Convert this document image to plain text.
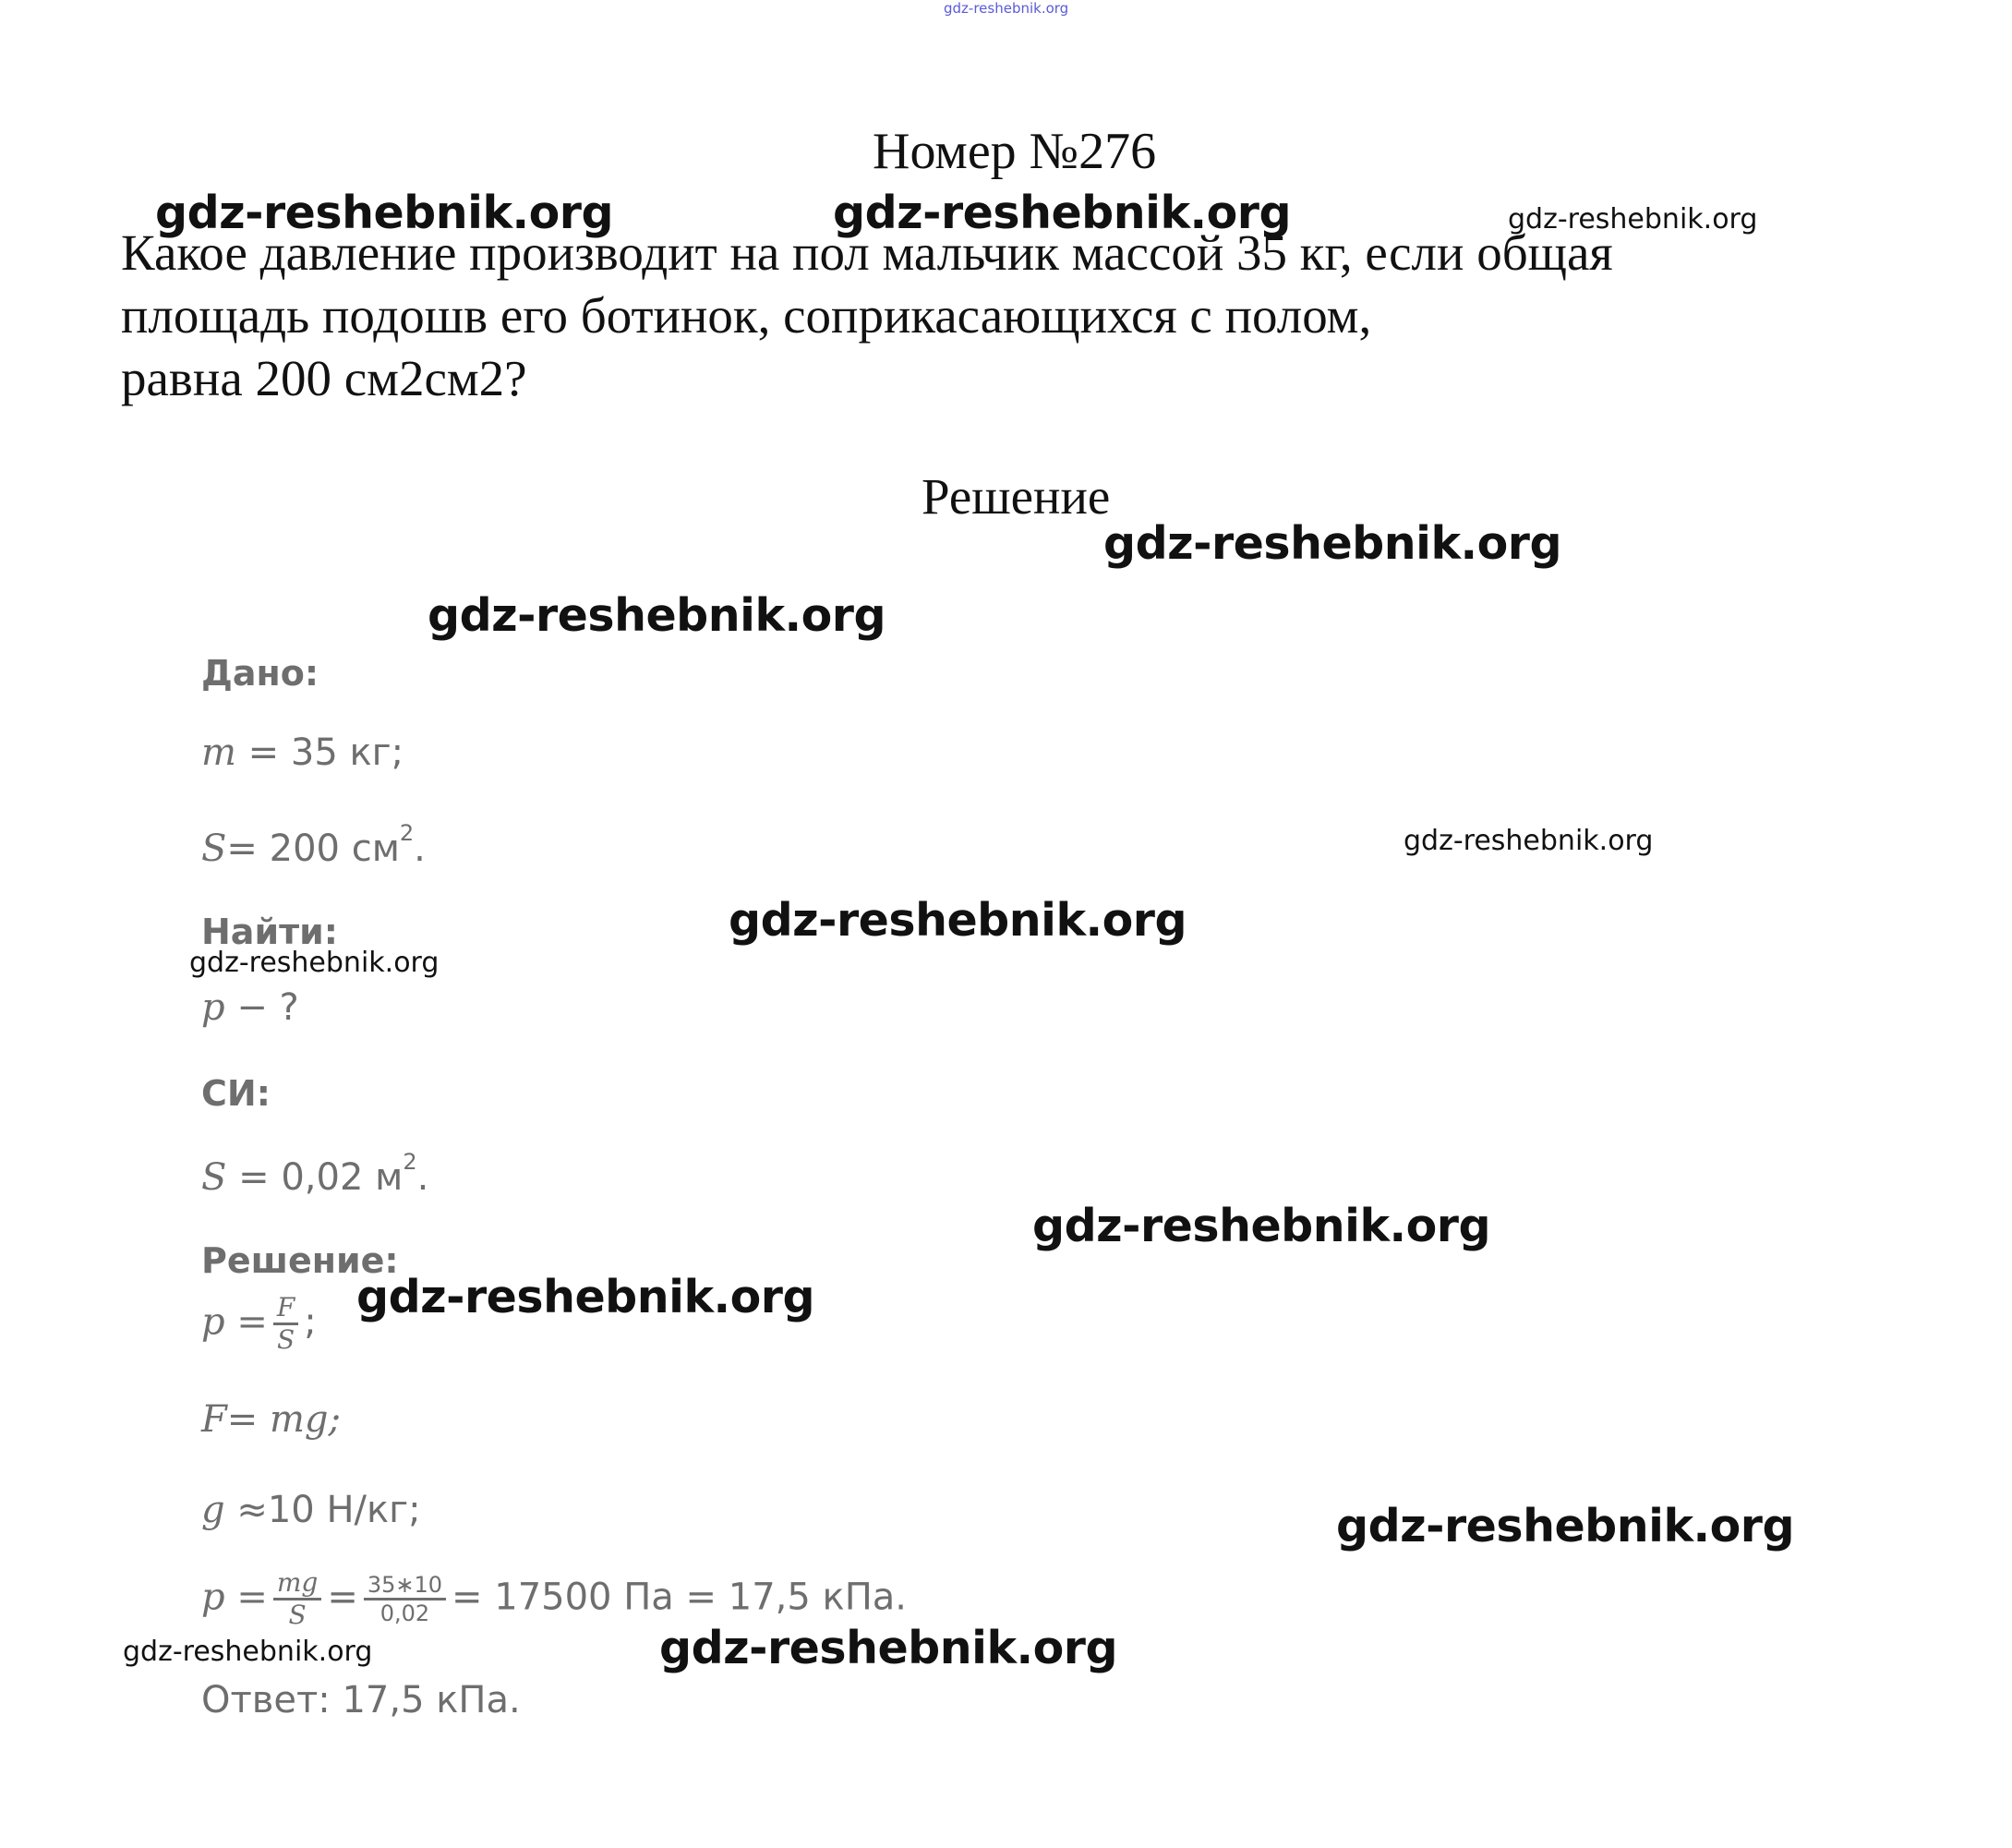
gdz-reshebnik.org
Номер №276
gdz-reshebnik.org	gdz-reshebnik.org	gdz-reshebnik.org
Какое давление производит на пол мальчик массой 35 кг, если общая
площадь подошв его ботинок, соприкасающихся с полом,
равна 200 см2см2?
Решение
gdz-reshebnik.org
gdz-reshebnik.org
Дано:
m = 35 кг;
S= 200 $см^2$.	gdz-reshebnik.org
Найти:	gdz-reshebnik.org
gdz-reshebnik.org
p − ?
СИ:
S = 0,02 $м^2$.
gdz-reshebnik.org
Решение:
gdz-reshebnik.org
$p = \frac{F}{S}$ ;
F= mg;
g ≈10 Н/кг;	gdz-reshebnik.org
$p = \frac{mg}{S} = \frac{35∗10}{0,02} = 17500$ Па = 17,5 кПа.
gdz-reshebnik.org	gdz-reshebnik.org
Ответ: 17,5 кПа.
